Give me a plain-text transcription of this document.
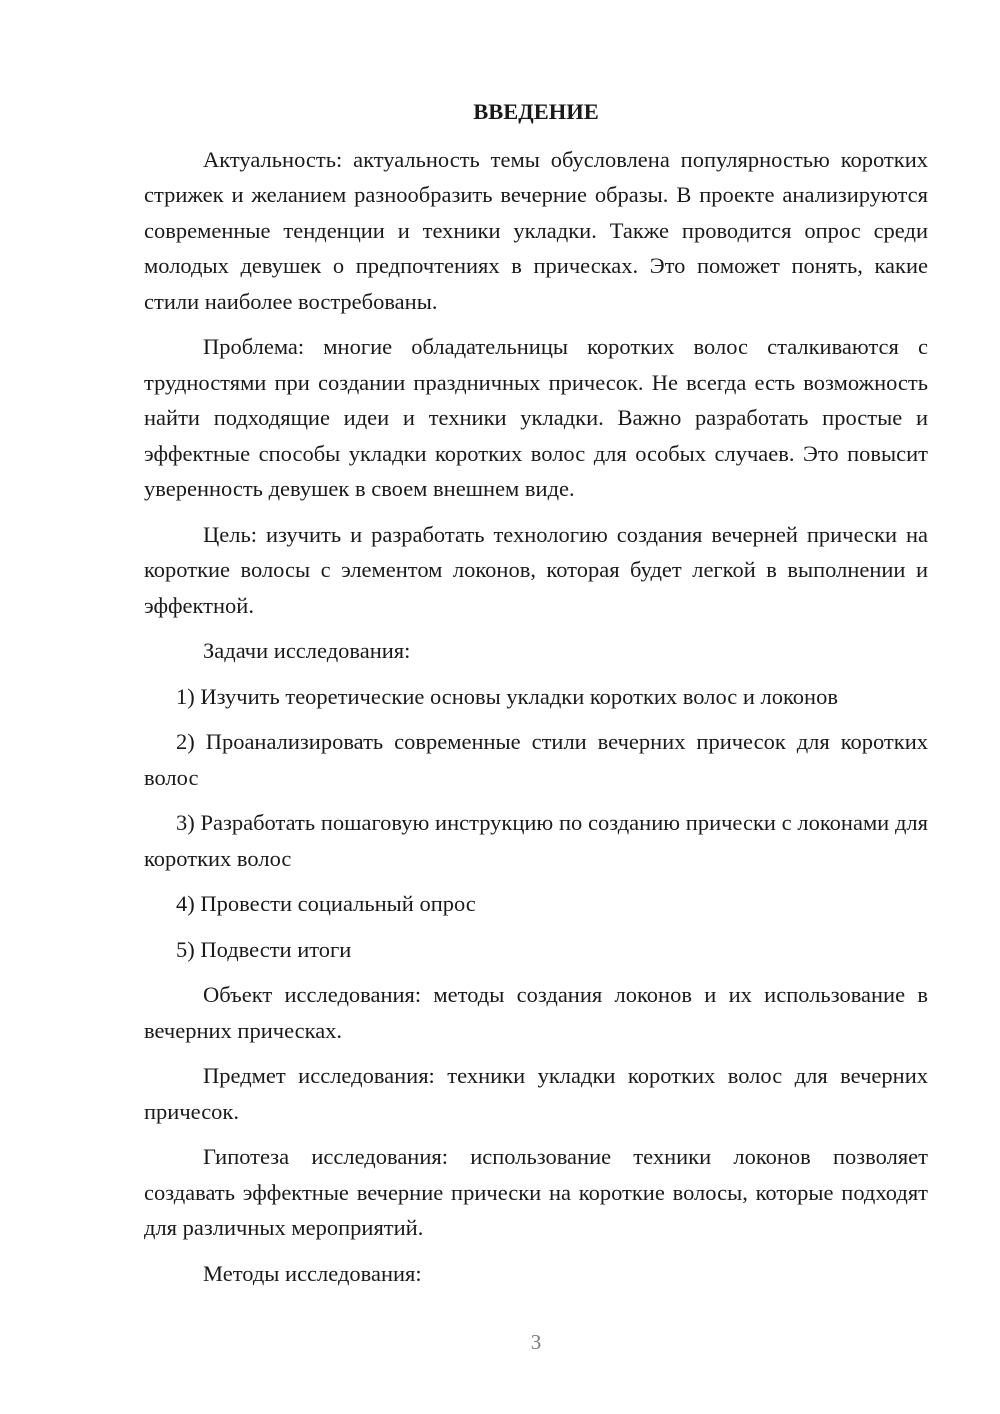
ВВЕДЕНИЕ

Актуальность: актуальность темы обусловлена популярностью коротких стрижек и желанием разнообразить вечерние образы. В проекте анализируются современные тенденции и техники укладки. Также проводится опрос среди молодых девушек о предпочтениях в прическах. Это поможет понять, какие стили наиболее востребованы.

Проблема: многие обладательницы коротких волос сталкиваются с трудностями при создании праздничных причесок. Не всегда есть возможность найти подходящие идеи и техники укладки. Важно разработать простые и эффектные способы укладки коротких волос для особых случаев. Это повысит уверенность девушек в своем внешнем виде.

Цель: изучить и разработать технологию создания вечерней прически на короткие волосы с элементом локонов, которая будет легкой в выполнении и эффектной.

Задачи исследования:

1) Изучить теоретические основы укладки коротких волос и локонов

2) Проанализировать современные стили вечерних причесок для коротких волос

3) Разработать пошаговую инструкцию по созданию прически с локонами для коротких волос

4) Провести социальный опрос

5) Подвести итоги

Объект исследования: методы создания локонов и их использование в вечерних прическах.

Предмет исследования: техники укладки коротких волос для вечерних причесок.

Гипотеза исследования: использование техники локонов позволяет создавать эффектные вечерние прически на короткие волосы, которые подходят для различных мероприятий.

Методы исследования:

3
